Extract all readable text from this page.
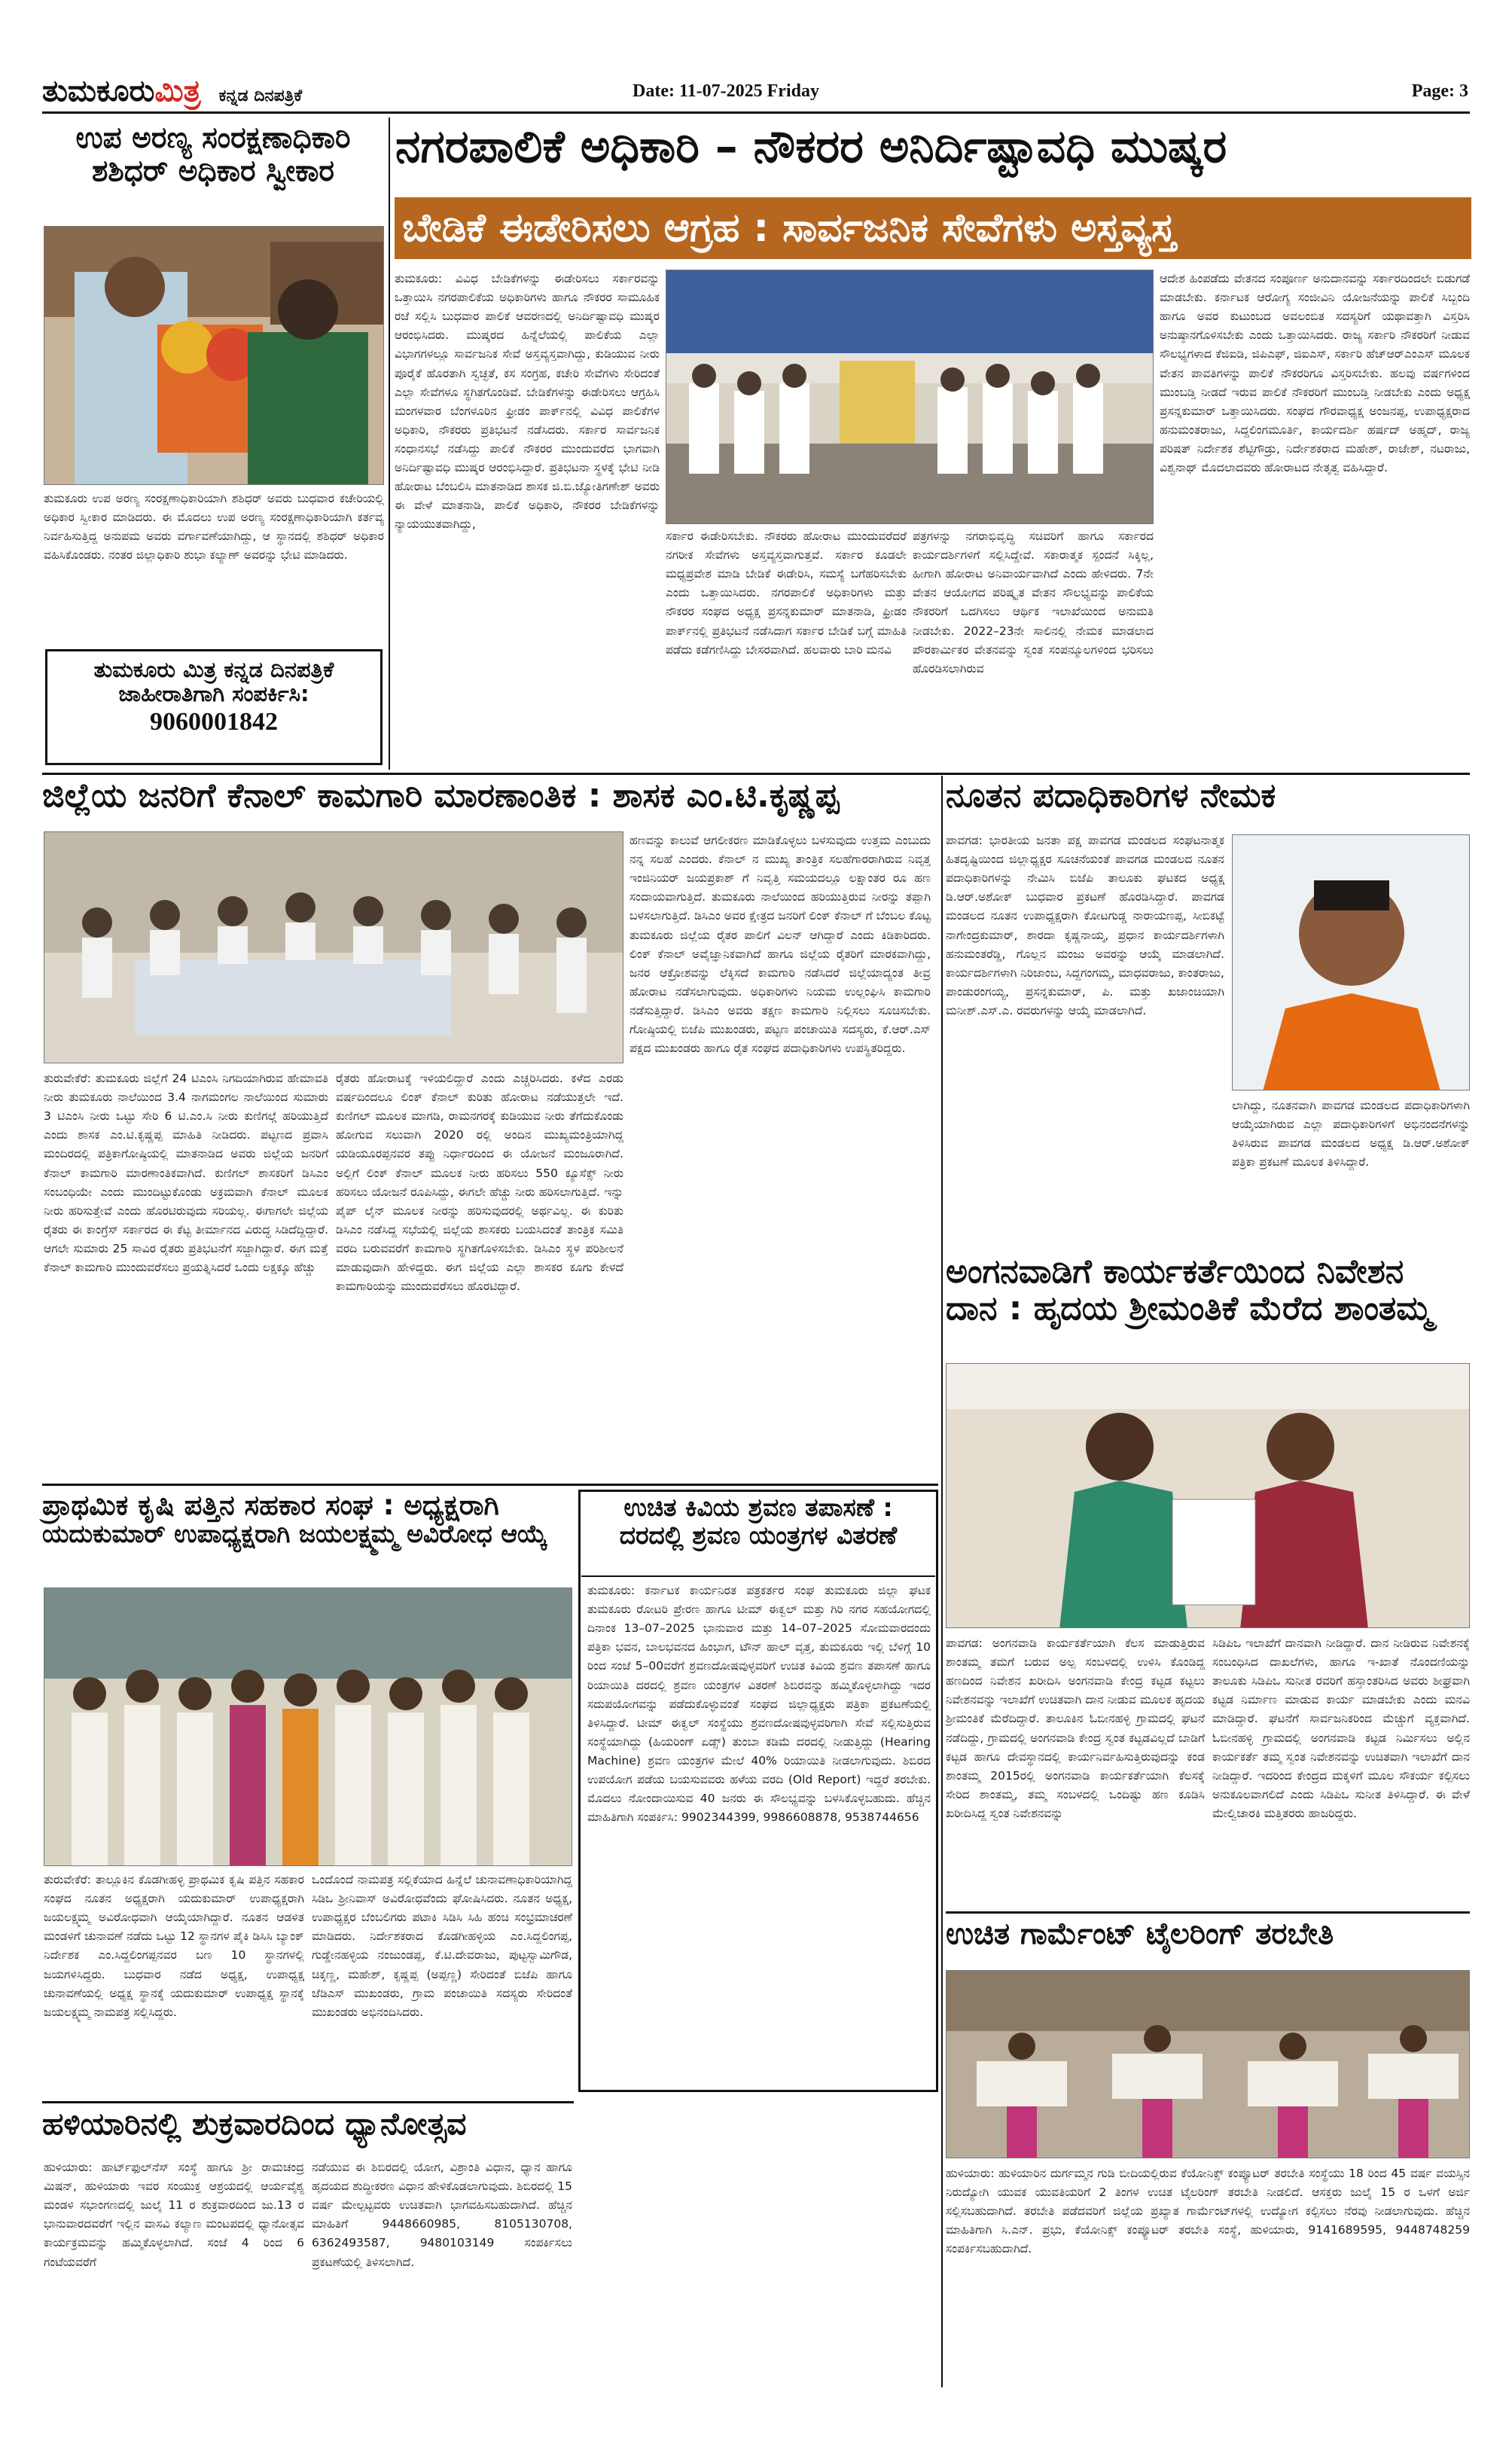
ತುಮಕೂರುಮಿತ್ರ ಕನ್ನಡ ದಿನಪತ್ರಿಕೆ	Date: 11-07-2025 Friday	Page: 3
ಉಪ ಅರಣ್ಯ ಸಂರಕ್ಷಣಾಧಿಕಾರಿ
ಶಶಿಧರ್ ಅಧಿಕಾರ ಸ್ವೀಕಾರ
ತುಮಕೂರು ಉಪ ಅರಣ್ಯ ಸಂರಕ್ಷಣಾಧಿಕಾರಿಯಾಗಿ ಶಶಿಧರ್ ಅವರು ಬುಧವಾರ ಕಚೇರಿಯಲ್ಲಿ ಅಧಿಕಾರ ಸ್ವೀಕಾರ ಮಾಡಿದರು. ಈ ಮೊದಲು ಉಪ ಅರಣ್ಯ ಸಂರಕ್ಷಣಾಧಿಕಾರಿಯಾಗಿ ಕರ್ತವ್ಯ ನಿರ್ವಹಿಸುತ್ತಿದ್ದ ಅನುಪಮ ಅವರು ವರ್ಗಾವಣೆಯಾಗಿದ್ದು, ಆ ಸ್ಥಾನದಲ್ಲಿ ಶಶಿಧರ್ ಅಧಿಕಾರ ವಹಿಸಿಕೊಂಡರು. ನಂತರ ಜಿಲ್ಲಾಧಿಕಾರಿ ಶುಭಾ ಕಲ್ಯಾಣ್ ಅವರನ್ನು ಭೇಟಿ ಮಾಡಿದರು.
ತುಮಕೂರು ಮಿತ್ರ ಕನ್ನಡ ದಿನಪತ್ರಿಕೆ
ಜಾಹೀರಾತಿಗಾಗಿ ಸಂಪರ್ಕಿಸಿ:
9060001842
ನಗರಪಾಲಿಕೆ ಅಧಿಕಾರಿ – ನೌಕರರ ಅನಿರ್ದಿಷ್ಟಾವಧಿ ಮುಷ್ಕರ
ಬೇಡಿಕೆ ಈಡೇರಿಸಲು ಆಗ್ರಹ : ಸಾರ್ವಜನಿಕ ಸೇವೆಗಳು ಅಸ್ತವ್ಯಸ್ತ
ತುಮಕೂರು: ವಿವಿಧ ಬೇಡಿಕೆಗಳನ್ನು ಈಡೇರಿಸಲು ಸರ್ಕಾರವನ್ನು ಒತ್ತಾಯಿಸಿ ನಗರಪಾಲಿಕೆಯ ಅಧಿಕಾರಿಗಳು ಹಾಗೂ ನೌಕರರ ಸಾಮೂಹಿಕ ರಜೆ ಸಲ್ಲಿಸಿ ಬುಧವಾರ ಪಾಲಿಕೆ ಆವರಣದಲ್ಲಿ ಅನಿರ್ದಿಷ್ಟಾವಧಿ ಮುಷ್ಕರ ಆರಂಭಿಸಿದರು. ಮುಷ್ಕರದ ಹಿನ್ನೆಲೆಯಲ್ಲಿ ಪಾಲಿಕೆಯ ಎಲ್ಲಾ ವಿಭಾಗಗಳಲ್ಲೂ ಸಾರ್ವಜನಿಕ ಸೇವೆ ಅಸ್ತವ್ಯಸ್ತವಾಗಿದ್ದು, ಕುಡಿಯುವ ನೀರು ಪೂರೈಕೆ ಹೊರತಾಗಿ ಸ್ವಚ್ಛತೆ, ಕಸ ಸಂಗ್ರಹ, ಕಚೇರಿ ಸೇವೆಗಳು ಸೇರಿದಂತೆ ಎಲ್ಲಾ ಸೇವೆಗಳೂ ಸ್ಥಗಿತಗೊಂಡಿವೆ. ಬೇಡಿಕೆಗಳನ್ನು ಈಡೇರಿಸಲು ಆಗ್ರಹಿಸಿ ಮಂಗಳವಾರ ಬೆಂಗಳೂರಿನ ಫ್ರೀಡಂ ಪಾರ್ಕ್‌ನಲ್ಲಿ ವಿವಿಧ ಪಾಲಿಕೆಗಳ ಅಧಿಕಾರಿ, ನೌಕರರು ಪ್ರತಿಭಟನೆ ನಡೆಸಿದರು. ಸರ್ಕಾರ ಸಾರ್ವಜನಿಕ ಸಂಧಾನಸಭೆ ನಡೆಸಿದ್ದು ಪಾಲಿಕೆ ನೌಕರರ ಮುಂದುವರೆದ ಭಾಗವಾಗಿ ಅನಿರ್ದಿಷ್ಟಾವಧಿ ಮುಷ್ಕರ ಆರಂಭಿಸಿದ್ದಾರೆ. ಪ್ರತಿಭಟನಾ ಸ್ಥಳಕ್ಕೆ ಭೇಟಿ ನೀಡಿ ಹೋರಾಟ ಬೆಂಬಲಿಸಿ ಮಾತನಾಡಿದ ಶಾಸಕ ಜಿ.ಬಿ.ಜ್ಯೋತಿಗಣೇಶ್ ಅವರು ಈ ವೇಳೆ ಮಾತನಾಡಿ, ಪಾಲಿಕೆ ಅಧಿಕಾರಿ, ನೌಕರರ ಬೇಡಿಕೆಗಳನ್ನು ನ್ಯಾಯಯುತವಾಗಿದ್ದು,
ಆದೇಶ ಹಿಂಪಡೆದು ವೇತನದ ಸಂಪೂರ್ಣ ಅನುದಾನವನ್ನು ಸರ್ಕಾರದಿಂದಲೇ ಬಿಡುಗಡೆ ಮಾಡಬೇಕು. ಕರ್ನಾಟಕ ಆರೋಗ್ಯ ಸಂಜೀವಿನಿ ಯೋಜನೆಯನ್ನು ಪಾಲಿಕೆ ಸಿಬ್ಬಂದಿ ಹಾಗೂ ಅವರ ಕುಟುಂಬದ ಅವಲಂಬಿತ ಸದಸ್ಯರಿಗೆ ಯಥಾವತ್ತಾಗಿ ವಿಸ್ತರಿಸಿ ಅನುಷ್ಠಾನಗೊಳಿಸಬೇಕು ಎಂದು ಒತ್ತಾಯಿಸಿದರು. ರಾಜ್ಯ ಸರ್ಕಾರಿ ನೌಕರರಿಗೆ ನೀಡುವ ಸೌಲಭ್ಯಗಳಾದ ಕೆಜಿಐಡಿ, ಜಿಪಿಎಫ್, ಜಿಐಎಸ್, ಸರ್ಕಾರಿ ಹೆಚ್‌ಆರ್‌ಎಂಎಸ್ ಮೂಲಕ ವೇತನ ಪಾವತಿಗಳನ್ನು ಪಾಲಿಕೆ ನೌಕರರಿಗೂ ವಿಸ್ತರಿಸಬೇಕು. ಹಲವು ವರ್ಷಗಳಿಂದ ಮುಂಬಡ್ತಿ ನೀಡದೆ ಇರುವ ಪಾಲಿಕೆ ನೌಕರರಿಗೆ ಮುಂಬಡ್ತಿ ನೀಡಬೇಕು ಎಂದು ಅಧ್ಯಕ್ಷ ಪ್ರಸನ್ನಕುಮಾರ್ ಒತ್ತಾಯಿಸಿದರು. ಸಂಘದ ಗೌರವಾಧ್ಯಕ್ಷ ಅಂಜನಪ್ಪ, ಉಪಾಧ್ಯಕ್ಷರಾದ ಹನುಮಂತರಾಜು, ಸಿದ್ದಲಿಂಗಮೂರ್ತಿ, ಕಾರ್ಯದರ್ಶಿ ಹರ್ಷದ್ ಅಹ್ಮದ್, ರಾಜ್ಯ ಪರಿಷತ್ ನಿರ್ದೇಶಕ ಶೆಟ್ಟಿಗೌಡ್ರು, ನಿರ್ದೇಶಕರಾದ ಮಹೇಶ್, ರಾಜೇಶ್, ನಟರಾಜು, ವಿಶ್ವನಾಥ್ ಮೊದಲಾದವರು ಹೋರಾಟದ ನೇತೃತ್ವ ವಹಿಸಿದ್ದಾರೆ.
ಸರ್ಕಾರ ಈಡೇರಿಸಬೇಕು. ನೌಕರರು ಹೋರಾಟ ಮುಂದುವರೆದರೆ ನಗರೀಕ ಸೇವೆಗಳು ಅಸ್ತವ್ಯಸ್ತವಾಗುತ್ತವೆ. ಸರ್ಕಾರ ಕೂಡಲೇ ಮಧ್ಯಪ್ರವೇಶ ಮಾಡಿ ಬೇಡಿಕೆ ಈಡೇರಿಸಿ, ಸಮಸ್ಯೆ ಬಗೆಹರಿಸಬೇಕು ಎಂದು ಒತ್ತಾಯಿಸಿದರು. ನಗರಪಾಲಿಕೆ ಅಧಿಕಾರಿಗಳು ಮತ್ತು ನೌಕರರ ಸಂಘದ ಅಧ್ಯಕ್ಷ ಪ್ರಸನ್ನಕುಮಾರ್ ಮಾತನಾಡಿ, ಫ್ರೀಡಂ ಪಾರ್ಕ್‌ನಲ್ಲಿ ಪ್ರತಿಭಟನೆ ನಡೆಸಿದಾಗ ಸರ್ಕಾರ ಬೇಡಿಕೆ ಬಗ್ಗೆ ಮಾಹಿತಿ ಪಡೆದು ಕಡೆಗಣಿಸಿದ್ದು ಬೇಸರವಾಗಿದೆ. ಹಲವಾರು ಬಾರಿ ಮನವಿ
ಪತ್ರಗಳನ್ನು ನಗರಾಭಿವೃದ್ಧಿ ಸಚಿವರಿಗೆ ಹಾಗೂ ಸರ್ಕಾರದ ಕಾರ್ಯದರ್ಶಿಗಳಿಗೆ ಸಲ್ಲಿಸಿದ್ದೇವೆ. ಸಕಾರಾತ್ಮಕ ಸ್ಪಂದನೆ ಸಿಕ್ಕಿಲ್ಲ, ಹೀಗಾಗಿ ಹೋರಾಟ ಅನಿವಾರ್ಯವಾಗಿದೆ ಎಂದು ಹೇಳಿದರು. 7ನೇ ವೇತನ ಆಯೋಗದ ಪರಿಷ್ಕೃತ ವೇತನ ಸೌಲಭ್ಯವನ್ನು ಪಾಲಿಕೆಯ ನೌಕರರಿಗೆ ಒದಗಿಸಲು ಆರ್ಥಿಕ ಇಲಾಖೆಯಿಂದ ಅನುಮತಿ ನೀಡಬೇಕು. 2022–23ನೇ ಸಾಲಿನಲ್ಲಿ ನೇಮಕ ಮಾಡಲಾದ ಪೌರಕಾರ್ಮಿಕರ ವೇತನವನ್ನು ಸ್ವಂತ ಸಂಪನ್ಮೂಲಗಳಿಂದ ಭರಿಸಲು ಹೊರಡಿಸಲಾಗಿರುವ
ಜಿಲ್ಲೆಯ ಜನರಿಗೆ ಕೆನಾಲ್ ಕಾಮಗಾರಿ ಮಾರಣಾಂತಿಕ : ಶಾಸಕ ಎಂ.ಟಿ.ಕೃಷ್ಣಪ್ಪ
ಹಣವನ್ನು ಕಾಲುವೆ ಆಗಲೀಕರಣ ಮಾಡಿಕೊಳ್ಳಲು ಬಳಸುವುದು ಉತ್ತಮ ಎಂಬುದು ನನ್ನ ಸಲಹೆ ಎಂದರು. ಕೆನಾಲ್ ನ ಮುಖ್ಯ ತಾಂತ್ರಿಕ ಸಲಹೆಗಾರರಾಗಿರುವ ನಿವೃತ್ತ ಇಂಜಿನಿಯರ್ ಜಯಪ್ರಕಾಶ್ ಗೆ ನಿವೃತ್ತಿ ಸಮಯದಲ್ಲೂ ಲಕ್ಷಾಂತರ ರೂ ಹಣ ಸಂದಾಯವಾಗುತ್ತಿದೆ. ತುಮಕೂರು ನಾಲೆಯಿಂದ ಹರಿಯುತ್ತಿರುವ ನೀರನ್ನು ತಪ್ಪಾಗಿ ಬಳಸಲಾಗುತ್ತಿದೆ. ಡಿಸಿಎಂ ಅವರ ಕ್ಷೇತ್ರದ ಜನರಿಗೆ ಲಿಂಕ್ ಕೆನಾಲ್ ಗೆ ಬೆಂಬಲ ಕೊಟ್ಟ ತುಮಕೂರು ಜಿಲ್ಲೆಯ ರೈತರ ಪಾಲಿಗೆ ವಿಲನ್ ಆಗಿದ್ದಾರೆ ಎಂದು ಕಿಡಿಕಾರಿದರು. ಲಿಂಕ್ ಕೆನಾಲ್ ಅವೈಜ್ಞಾನಿಕವಾಗಿದೆ ಹಾಗೂ ಜಿಲ್ಲೆಯ ರೈತರಿಗೆ ಮಾರಕವಾಗಿದ್ದು, ಜನರ ಆಕ್ರೋಶವನ್ನು ಲೆಕ್ಕಿಸದೆ ಕಾಮಗಾರಿ ನಡೆಸಿದರೆ ಜಿಲ್ಲೆಯಾದ್ಯಂತ ತೀವ್ರ ಹೋರಾಟ ನಡೆಸಲಾಗುವುದು. ಅಧಿಕಾರಿಗಳು ನಿಯಮ ಉಲ್ಲಂಘಿಸಿ ಕಾಮಗಾರಿ ನಡೆಸುತ್ತಿದ್ದಾರೆ. ಡಿಸಿಎಂ ಅವರು ತಕ್ಷಣ ಕಾಮಗಾರಿ ನಿಲ್ಲಿಸಲು ಸೂಚಿಸಬೇಕು. ಗೋಷ್ಠಿಯಲ್ಲಿ ಬಿಜೆಪಿ ಮುಖಂಡರು, ಪಟ್ಟಣ ಪಂಚಾಯಿತಿ ಸದಸ್ಯರು, ಕೆ.ಆರ್.ಎಸ್ ಪಕ್ಷದ ಮುಖಂಡರು ಹಾಗೂ ರೈತ ಸಂಘದ ಪದಾಧಿಕಾರಿಗಳು ಉಪಸ್ಥಿತರಿದ್ದರು.
ತುರುವೇಕೆರೆ: ತುಮಕೂರು ಜಿಲ್ಲೆಗೆ 24 ಟಿಎಂಸಿ ನಿಗದಿಯಾಗಿರುವ ಹೇಮಾವತಿ ನೀರು ತುಮಕೂರು ನಾಲೆಯಿಂದ 3.4 ನಾಗಮಂಗಲ ನಾಲೆಯಿಂದ ಸುಮಾರು 3 ಟಿಎಂಸಿ ನೀರು ಒಟ್ಟು ಸೇರಿ 6 ಟಿ.ಎಂ.ಸಿ ನೀರು ಕುಣಿಗಲ್ಗೆ ಹರಿಯುತ್ತಿದೆ ಎಂದು ಶಾಸಕ ಎಂ.ಟಿ.ಕೃಷ್ಣಪ್ಪ ಮಾಹಿತಿ ನೀಡಿದರು. ಪಟ್ಟಣದ ಪ್ರವಾಸಿ ಮಂದಿರದಲ್ಲಿ ಪತ್ರಿಕಾಗೋಷ್ಠಿಯಲ್ಲಿ ಮಾತನಾಡಿದ ಅವರು ಜಿಲ್ಲೆಯ ಜನರಿಗೆ ಕೆನಾಲ್ ಕಾಮಗಾರಿ ಮಾರಣಾಂತಿಕವಾಗಿದೆ. ಕುಣಿಗಲ್ ಶಾಸಕರಿಗೆ ಡಿಸಿಎಂ ಸಂಬಂಧಿಯೇ ಎಂದು ಮುಂದಿಟ್ಟುಕೊಂಡು ಅಕ್ರಮವಾಗಿ ಕೆನಾಲ್ ಮೂಲಕ ನೀರು ಹರಿಸುತ್ತೇವೆ ಎಂದು ಹೊರಟಿರುವುದು ಸರಿಯಲ್ಲ. ಈಗಾಗಲೇ ಜಿಲ್ಲೆಯ ರೈತರು ಈ ಕಾಂಗ್ರೆಸ್ ಸರ್ಕಾರದ ಈ ಕೆಟ್ಟ ತೀರ್ಮಾನದ ವಿರುದ್ಧ ಸಿಡಿದೆದ್ದಿದ್ದಾರೆ. ಆಗಲೇ ಸುಮಾರು 25 ಸಾವಿರ ರೈತರು ಪ್ರತಿಭಟನೆಗೆ ಸಜ್ಜಾಗಿದ್ದಾರೆ. ಈಗ ಮತ್ತೆ ಕೆನಾಲ್ ಕಾಮಗಾರಿ ಮುಂದುವರೆಸಲು ಪ್ರಯತ್ನಿಸಿದರೆ ಒಂದು ಲಕ್ಷಕ್ಕೂ ಹೆಚ್ಚು
ರೈತರು ಹೋರಾಟಕ್ಕೆ ಇಳಿಯಲಿದ್ದಾರೆ ಎಂದು ಎಚ್ಚರಿಸಿದರು. ಕಳೆದ ಎರಡು ವರ್ಷದಿಂದಲೂ ಲಿಂಕ್ ಕೆನಾಲ್ ಕುರಿತು ಹೋರಾಟ ನಡೆಯುತ್ತಲೇ ಇದೆ. ಕುಣಿಗಲ್ ಮೂಲಕ ಮಾಗಡಿ, ರಾಮನಗರಕ್ಕೆ ಕುಡಿಯುವ ನೀರು ತೆಗೆದುಕೊಂಡು ಹೋಗುವ ಸಲುವಾಗಿ 2020 ರಲ್ಲಿ ಅಂದಿನ ಮುಖ್ಯಮಂತ್ರಿಯಾಗಿದ್ದ ಯಡಿಯೂರಪ್ಪನವರ ತಪ್ಪು ನಿರ್ಧಾರದಿಂದ ಈ ಯೋಜನೆ ಮಂಜೂರಾಗಿದೆ. ಅಲ್ಲಿಗೆ ಲಿಂಕ್ ಕೆನಾಲ್ ಮೂಲಕ ನೀರು ಹರಿಸಲು 550 ಕ್ಯೂಸೆಕ್ಸ್ ನೀರು ಹರಿಸಲು ಯೋಜನೆ ರೂಪಿಸಿದ್ದು, ಈಗಲೇ ಹೆಚ್ಚು ನೀರು ಹರಿಸಲಾಗುತ್ತಿದೆ. ಇನ್ನು ಪೈಪ್ ಲೈನ್ ಮೂಲಕ ನೀರನ್ನು ಹರಿಸುವುದರಲ್ಲಿ ಅರ್ಥವಿಲ್ಲ. ಈ ಕುರಿತು ಡಿಸಿಎಂ ನಡೆಸಿದ್ದ ಸಭೆಯಲ್ಲಿ ಜಿಲ್ಲೆಯ ಶಾಸಕರು ಬಯಸಿದಂತೆ ತಾಂತ್ರಿಕ ಸಮಿತಿ ವರದಿ ಬರುವವರೆಗೆ ಕಾಮಗಾರಿ ಸ್ಥಗಿತಗೊಳಿಸಬೇಕು. ಡಿಸಿಎಂ ಸ್ಥಳ ಪರಿಶೀಲನೆ ಮಾಡುವುದಾಗಿ ಹೇಳಿದ್ದರು. ಈಗ ಜಿಲ್ಲೆಯ ಎಲ್ಲಾ ಶಾಸಕರ ಕೂಗು ಕೇಳದೆ ಕಾಮಗಾರಿಯನ್ನು ಮುಂದುವರೆಸಲು ಹೊರಟಿದ್ದಾರೆ.
ನೂತನ ಪದಾಧಿಕಾರಿಗಳ ನೇಮಕ
ಪಾವಗಡ: ಭಾರತೀಯ ಜನತಾ ಪಕ್ಷ ಪಾವಗಡ ಮಂಡಲದ ಸಂಘಟನಾತ್ಮಕ ಹಿತದೃಷ್ಟಿಯಿಂದ ಜಿಲ್ಲಾಧ್ಯಕ್ಷರ ಸೂಚನೆಯಂತೆ ಪಾವಗಡ ಮಂಡಲದ ನೂತನ ಪದಾಧಿಕಾರಿಗಳನ್ನು ನೇಮಿಸಿ ಬಿಜೆಪಿ ತಾಲೂಕು ಘಟಕದ ಅಧ್ಯಕ್ಷ ಡಿ.ಆರ್.ಅಶೋಕ್ ಬುಧವಾರ ಪ್ರಕಟಣೆ ಹೊರಡಿಸಿದ್ದಾರೆ. ಪಾವಗಡ ಮಂಡಲದ ನೂತನ ಉಪಾಧ್ಯಕ್ಷರಾಗಿ ಕೋಟಗುಡ್ಡ ನಾರಾಯಣಪ್ಪ, ಸೀಬಿಕಟ್ಟೆ ನಾಗೇಂದ್ರಕುಮಾರ್, ಶಾರದಾ ಕೃಷ್ಣನಾಯ್ಕ, ಪ್ರಧಾನ ಕಾರ್ಯದರ್ಶಿಗಳಾಗಿ ಹನುಮಂತರೆಡ್ಡಿ, ಗೊಲ್ಲನ ಮಂಜು ಅವರನ್ನು ಆಯ್ಕೆ ಮಾಡಲಾಗಿದೆ. ಕಾರ್ಯದರ್ಶಿಗಳಾಗಿ ನಿರಿಜಾಂಬ, ಸಿದ್ದಗಂಗಮ್ಮ, ಮಾಧವರಾಜು, ಕಾಂತರಾಜು, ಪಾಂಡುರಂಗಯ್ಯ, ಪ್ರಸನ್ನಕುಮಾರ್, ಪಿ. ಮತ್ತು ಖಜಾಂಚಿಯಾಗಿ ಮನೀಶ್.ಎಸ್.ಎ. ರವರುಗಳನ್ನು ಆಯ್ಕೆ ಮಾಡಲಾಗಿದೆ.
ಲಾಗಿದ್ದು, ನೂತನವಾಗಿ ಪಾವಗಡ ಮಂಡಲದ ಪದಾಧಿಕಾರಿಗಳಾಗಿ ಆಯ್ಕೆಯಾಗಿರುವ ಎಲ್ಲಾ ಪದಾಧಿಕಾರಿಗಳಿಗೆ ಅಭಿನಂದನೆಗಳನ್ನು ತಿಳಿಸಿರುವ ಪಾವಗಡ ಮಂಡಲದ ಅಧ್ಯಕ್ಷ ಡಿ.ಆರ್.ಅಶೋಕ್ ಪತ್ರಿಕಾ ಪ್ರಕಟಣೆ ಮೂಲಕ ತಿಳಿಸಿದ್ದಾರೆ.
ಅಂಗನವಾಡಿಗೆ ಕಾರ್ಯಕರ್ತೆಯಿಂದ ನಿವೇಶನ
ದಾನ : ಹೃದಯ ಶ್ರೀಮಂತಿಕೆ ಮೆರೆದ ಶಾಂತಮ್ಮ
ಪಾವಗಡ: ಅಂಗನವಾಡಿ ಕಾರ್ಯಕರ್ತೆಯಾಗಿ ಕೆಲಸ ಮಾಡುತ್ತಿರುವ ಶಾಂತಮ್ಮ ತಮಗೆ ಬರುವ ಅಲ್ಪ ಸಂಬಳದಲ್ಲಿ ಉಳಿಸಿ ಕೊಂಡಿದ್ದ ಹಣದಿಂದ ನಿವೇಶನ ಖರೀದಿಸಿ ಅಂಗನವಾಡಿ ಕೇಂದ್ರ ಕಟ್ಟಡ ಕಟ್ಟಲು ನಿವೇಶನವನ್ನು ಇಲಾಖೆಗೆ ಉಚಿತವಾಗಿ ದಾನ ನೀಡುವ ಮೂಲಕ ಹೃದಯ ಶ್ರೀಮಂತಿಕೆ ಮೆರೆದಿದ್ದಾರೆ. ತಾಲೂಕಿನ ಓಬೀನಹಳ್ಳಿ ಗ್ರಾಮದಲ್ಲಿ ಘಟನೆ ನಡೆದಿದ್ದು, ಗ್ರಾಮದಲ್ಲಿ ಅಂಗನವಾಡಿ ಕೇಂದ್ರ ಸ್ವಂತ ಕಟ್ಟಡವಿಲ್ಲದೆ ಬಾಡಿಗೆ ಕಟ್ಟಡ ಹಾಗೂ ದೇವಸ್ಥಾನದಲ್ಲಿ ಕಾರ್ಯನಿರ್ವಹಿಸುತ್ತಿರುವುದನ್ನು ಕಂಡ ಶಾಂತಮ್ಮ 2015ರಲ್ಲಿ ಅಂಗನವಾಡಿ ಕಾರ್ಯಕರ್ತೆಯಾಗಿ ಕೆಲಸಕ್ಕೆ ಸೇರಿದ ಶಾಂತಮ್ಮ, ತಮ್ಮ ಸಂಬಳದಲ್ಲಿ ಒಂದಿಷ್ಟು ಹಣ ಕೂಡಿಸಿ ಖರೀದಿಸಿದ್ದ ಸ್ವಂತ ನಿವೇಶನವನ್ನು
ಸಿಡಿಪಿಒ ಇಲಾಖೆಗೆ ದಾನವಾಗಿ ನೀಡಿದ್ದಾರೆ. ದಾನ ನೀಡಿರುವ ನಿವೇಶನಕ್ಕೆ ಸಂಬಂಧಿಸಿದ ದಾಖಲೆಗಳು, ಹಾಗೂ ಇ-ಖಾತೆ ನೊಂದಣಿಯನ್ನು ತಾಲೂಕು ಸಿಡಿಪಿಒ ಸುನೀತ ರವರಿಗೆ ಹಸ್ತಾಂತರಿಸಿದ ಅವರು ಶೀಘ್ರವಾಗಿ ಕಟ್ಟಡ ನಿರ್ಮಾಣ ಮಾಡುವ ಕಾರ್ಯ ಮಾಡಬೇಕು ಎಂದು ಮನವಿ ಮಾಡಿದ್ದಾರೆ. ಘಟನೆಗೆ ಸಾರ್ವಜನಿಕರಿಂದ ಮೆಚ್ಚುಗೆ ವ್ಯಕ್ತವಾಗಿದೆ. ಓಬೀನಹಳ್ಳಿ ಗ್ರಾಮದಲ್ಲಿ ಅಂಗನವಾಡಿ ಕಟ್ಟಡ ನಿರ್ಮಿಸಲು ಅಲ್ಲಿನ ಕಾರ್ಯಕರ್ತೆ ತಮ್ಮ ಸ್ವಂತ ನಿವೇಶನವನ್ನು ಉಚಿತವಾಗಿ ಇಲಾಖೆಗೆ ದಾನ ನೀಡಿದ್ದಾರೆ. ಇದರಿಂದ ಕೇಂದ್ರದ ಮಕ್ಕಳಿಗೆ ಮೂಲ ಸೌಕರ್ಯ ಕಲ್ಪಿಸಲು ಅನುಕೂಲವಾಗಲಿದೆ ಎಂದು ಸಿಡಿಪಿಒ ಸುನೀತ ತಿಳಿಸಿದ್ದಾರೆ. ಈ ವೇಳೆ ಮೇಲ್ವಿಚಾರಕಿ ಮತ್ತಿತರರು ಹಾಜರಿದ್ದರು.
ಪ್ರಾಥಮಿಕ ಕೃಷಿ ಪತ್ತಿನ ಸಹಕಾರ ಸಂಘ : ಅಧ್ಯಕ್ಷರಾಗಿ
ಯದುಕುಮಾರ್ ಉಪಾಧ್ಯಕ್ಷರಾಗಿ ಜಯಲಕ್ಷ್ಮಮ್ಮ ಅವಿರೋಧ ಆಯ್ಕೆ
ತುರುವೇಕೆರೆ: ತಾಲ್ಲೂಕಿನ ಕೊಡಗೀಹಳ್ಳಿ ಪ್ರಾಥಮಿಕ ಕೃಷಿ ಪತ್ತಿನ ಸಹಕಾರ ಸಂಘದ ನೂತನ ಅಧ್ಯಕ್ಷರಾಗಿ ಯದುಕುಮಾರ್ ಉಪಾಧ್ಯಕ್ಷರಾಗಿ ಜಯಲಕ್ಷ್ಮಮ್ಮ ಅವಿರೋಧವಾಗಿ ಆಯ್ಕೆಯಾಗಿದ್ದಾರೆ. ನೂತನ ಆಡಳಿತ ಮಂಡಳಿಗೆ ಚುನಾವಣೆ ನಡೆದು ಒಟ್ಟು 12 ಸ್ಥಾನಗಳ ಪೈಕಿ ಡಿಸಿಸಿ ಬ್ಯಾಂಕ್ ನಿರ್ದೇಶಕ ಎಂ.ಸಿದ್ದಲಿಂಗಪ್ಪನವರ ಬಣ 10 ಸ್ಥಾನಗಳಲ್ಲಿ ಜಯಗಳಿಸಿದ್ದರು. ಬುಧವಾರ ನಡೆದ ಅಧ್ಯಕ್ಷ, ಉಪಾಧ್ಯಕ್ಷ ಚುನಾವಣೆಯಲ್ಲಿ ಅಧ್ಯಕ್ಷ ಸ್ಥಾನಕ್ಕೆ ಯದುಕುಮಾರ್ ಉಪಾಧ್ಯಕ್ಷ ಸ್ಥಾನಕ್ಕೆ ಜಯಲಕ್ಷ್ಮಮ್ಮ ನಾಮಪತ್ರ ಸಲ್ಲಿಸಿದ್ದರು.
ಒಂದೊಂದೆ ನಾಮಪತ್ರ ಸಲ್ಲಿಕೆಯಾದ ಹಿನ್ನೆಲೆ ಚುನಾವಣಾಧಿಕಾರಿಯಾಗಿದ್ದ ಸಿಡಿಒ ಶ್ರೀನಿವಾಸ್ ಅವಿರೋಧವೆಂದು ಘೋಷಿಸಿದರು. ನೂತನ ಅಧ್ಯಕ್ಷ, ಉಪಾಧ್ಯಕ್ಷರ ಬೆಂಬಲಿಗರು ಪಟಾಕಿ ಸಿಡಿಸಿ ಸಿಹಿ ಹಂಚಿ ಸಂಭ್ರಮಾಚರಣೆ ಮಾಡಿದರು. ನಿರ್ದೇಶಕರಾದ ಕೊಡಗೀಹಳ್ಳಿಯ ಎಂ.ಸಿದ್ದಲಿಂಗಪ್ಪ, ಗುಡ್ಡೇನಹಳ್ಳಿಯ ನಂಜುಂಡಪ್ಪ, ಕೆ.ಟಿ.ದೇವರಾಜು, ಪುಟ್ಟಸ್ವಾಮಿಗೌಡ, ಚಿಕ್ಕಣ್ಣ, ಮಹೇಶ್, ಕೃಷ್ಣಪ್ಪ (ಅಪ್ಪಣ್ಣ) ಸೇರಿದಂತೆ ಬಿಜೆಪಿ ಹಾಗೂ ಜೆಡಿಎಸ್ ಮುಖಂಡರು, ಗ್ರಾಮ ಪಂಚಾಯಿತಿ ಸದಸ್ಯರು ಸೇರಿದಂತೆ ಮುಖಂಡರು ಅಭಿನಂದಿಸಿದರು.
ಉಚಿತ ಕಿವಿಯ ಶ್ರವಣ ತಪಾಸಣೆ :
ದರದಲ್ಲಿ ಶ್ರವಣ ಯಂತ್ರಗಳ ವಿತರಣೆ
ತುಮಕೂರು: ಕರ್ನಾಟಕ ಕಾರ್ಯನಿರತ ಪತ್ರಕರ್ತರ ಸಂಘ ತುಮಕೂರು ಜಿಲ್ಲಾ ಘಟಕ ತುಮಕೂರು ರೋಟರಿ ಪ್ರೇರಣ ಹಾಗೂ ಟೀಮ್ ಈಕ್ವಲ್ ಮತ್ತು ಗಿರಿ ನಗರ ಸಹಯೋಗದಲ್ಲಿ ದಿನಾಂಕ 13–07–2025 ಭಾನುವಾರ ಮತ್ತು 14–07–2025 ಸೋಮವಾರದಂದು ಪತ್ರಿಕಾ ಭವನ, ಬಾಲಭವನದ ಹಿಂಭಾಗ, ಟೌನ್ ಹಾಲ್ ವೃತ್ತ, ತುಮಕೂರು ಇಲ್ಲಿ ಬೆಳಿಗ್ಗೆ 10 ರಿಂದ ಸಂಜೆ 5–00ವರೆಗೆ ಶ್ರವಣದೋಷವುಳ್ಳವರಿಗೆ ಉಚಿತ ಕಿವಿಯ ಶ್ರವಣ ತಪಾಸಣೆ ಹಾಗೂ ರಿಯಾಯಿತಿ ದರದಲ್ಲಿ ಶ್ರವಣ ಯಂತ್ರಗಳ ವಿತರಣೆ ಶಿಬಿರವನ್ನು ಹಮ್ಮಿಕೊಳ್ಳಲಾಗಿದ್ದು ಇದರ ಸದುಪಯೋಗವನ್ನು ಪಡೆದುಕೊಳ್ಳುವಂತೆ ಸಂಘದ ಜಿಲ್ಲಾಧ್ಯಕ್ಷರು ಪತ್ರಿಕಾ ಪ್ರಕಟಣೆಯಲ್ಲಿ ತಿಳಿಸಿದ್ದಾರೆ. ಟೀಮ್ ಈಕ್ವಲ್ ಸಂಸ್ಥೆಯು ಶ್ರವಣದೋಷವುಳ್ಳವರಿಗಾಗಿ ಸೇವೆ ಸಲ್ಲಿಸುತ್ತಿರುವ ಸಂಸ್ಥೆಯಾಗಿದ್ದು (ಹಿಯರಿಂಗ್ ಏಡ್ಸ್) ತುಂಬಾ ಕಡಿಮೆ ದರದಲ್ಲಿ ನೀಡುತ್ತಿದ್ದು (Hearing Machine) ಶ್ರವಣ ಯಂತ್ರಗಳ ಮೇಲೆ 40% ರಿಯಾಯಿತಿ ನೀಡಲಾಗುವುದು. ಶಿಬಿರದ ಉಪಯೋಗ ಪಡೆಯ ಬಯಸುವವರು ಹಳೆಯ ವರದಿ (Old Report) ಇದ್ದರೆ ತರಬೇಕು. ಮೊದಲು ನೋಂದಾಯಿಸುವ 40 ಜನರು ಈ ಸೌಲಭ್ಯವನ್ನು ಬಳಸಿಕೊಳ್ಳಬಹುದು. ಹೆಚ್ಚಿನ ಮಾಹಿತಿಗಾಗಿ ಸಂಪರ್ಕಿಸಿ: 9902344399, 9986608878, 9538744656
ಹಳಿಯಾರಿನಲ್ಲಿ ಶುಕ್ರವಾರದಿಂದ ಧ್ಯಾನೋತ್ಸವ
ಹುಳಿಯಾರು: ಹಾರ್ಟ್‌ಫುಲ್‌ನೆಸ್ ಸಂಸ್ಥೆ ಹಾಗೂ ಶ್ರೀ ರಾಮಚಂದ್ರ ಮಿಷನ್, ಹುಳಿಯಾರು ಇವರ ಸಂಯುಕ್ತ ಆಶ್ರಯದಲ್ಲಿ ಆರ್ಯವೈಶ್ಯ ಮಂಡಳಿ ಸಭಾಂಗಣದಲ್ಲಿ ಜುಲೈ 11 ರ ಶುಕ್ರವಾರದಿಂದ ಜು.13 ರ ಭಾನುವಾರದವರೆಗೆ ಇಲ್ಲಿನ ವಾಸವಿ ಕಲ್ಯಾಣ ಮಂಟಪದಲ್ಲಿ ಧ್ಯಾನೋತ್ಸವ ಕಾರ್ಯಕ್ರಮವನ್ನು ಹಮ್ಮಿಕೊಳ್ಳಲಾಗಿದೆ. ಸಂಜೆ 4 ರಿಂದ 6 ಗಂಟೆಯವರೆಗೆ
ನಡೆಯುವ ಈ ಶಿಬಿರದಲ್ಲಿ ಯೋಗ, ವಿಶ್ರಾಂತಿ ವಿಧಾನ, ಧ್ಯಾನ ಹಾಗೂ ಹೃದಯದ ಶುದ್ಧೀಕರಣ ವಿಧಾನ ಹೇಳಿಕೊಡಲಾಗುವುದು. ಶಿಬಿರದಲ್ಲಿ 15 ವರ್ಷ ಮೇಲ್ಪಟ್ಟವರು ಉಚಿತವಾಗಿ ಭಾಗವಹಿಸಬಹುದಾಗಿದೆ. ಹೆಚ್ಚಿನ ಮಾಹಿತಿಗೆ 9448660985, 8105130708, 6362493587, 9480103149 ಸಂಪರ್ಕಿಸಲು ಪ್ರಕಟಣೆಯಲ್ಲಿ ತಿಳಿಸಲಾಗಿದೆ.
ಉಚಿತ ಗಾರ್ಮೆಂಟ್ ಟೈಲರಿಂಗ್ ತರಬೇತಿ
ಹುಳಿಯಾರು: ಹುಳಿಯಾರಿನ ದುರ್ಗಮ್ಮನ ಗುಡಿ ಬೀದಿಯಲ್ಲಿರುವ ಕೆಯೋನಿಕ್ಸ್ ಕಂಪ್ಯೂಟರ್ ತರಬೇತಿ ಸಂಸ್ಥೆಯು 18 ರಿಂದ 45 ವರ್ಷ ವಯಸ್ಸಿನ ನಿರುದ್ಯೋಗಿ ಯುವಕ ಯುವತಿಯರಿಗೆ 2 ತಿಂಗಳ ಉಚಿತ ಟೈಲರಿಂಗ್ ತರಬೇತಿ ನೀಡಲಿದೆ. ಆಸಕ್ತರು ಜುಲೈ 15 ರ ಒಳಗೆ ಅರ್ಜಿ ಸಲ್ಲಿಸಬಹುದಾಗಿದೆ. ತರಬೇತಿ ಪಡೆದವರಿಗೆ ಜಿಲ್ಲೆಯ ಪ್ರಖ್ಯಾತ ಗಾರ್ಮೆಂಟ್‌ಗಳಲ್ಲಿ ಉದ್ಯೋಗ ಕಲ್ಪಿಸಲು ನೆರವು ನೀಡಲಾಗುವುದು. ಹೆಚ್ಚಿನ ಮಾಹಿತಿಗಾಗಿ ಸಿ.ಎನ್. ಪ್ರಭು, ಕೆಯೋನಿಕ್ಸ್ ಕಂಪ್ಯೂಟರ್ ತರಬೇತಿ ಸಂಸ್ಥೆ, ಹುಳಿಯಾರು, 9141689595, 9448748259 ಸಂಪರ್ಕಿಸಬಹುದಾಗಿದೆ.
